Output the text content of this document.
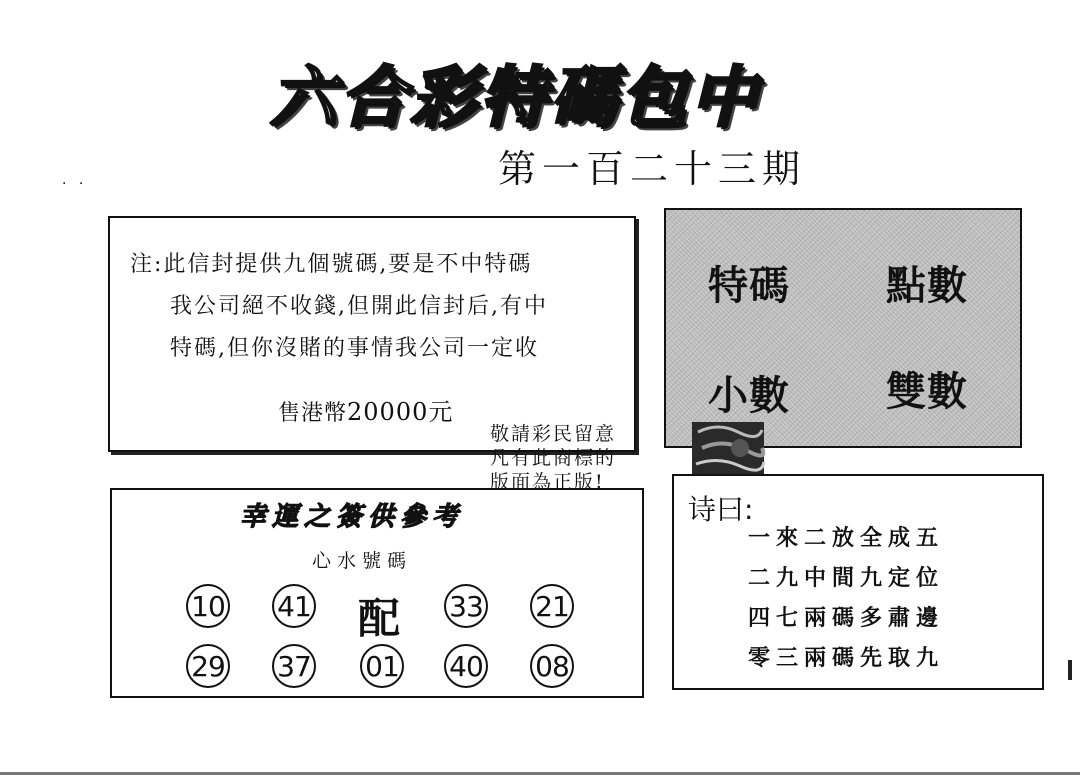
六合彩特碼包中
第一百二十三期
· ·
注:此信封提供九個號碼,要是不中特碼
我公司絕不收錢,但開此信封后,有中
特碼,但你沒賭的事情我公司一定收
售港幣20000元
特碼 點數
小數 雙數
敬請彩民留意
凡有此商標的
版面為正版!
幸運之簽供參考
心水號碼
10 41 配 33 21
29 37 01 40 08
诗曰:
一來二放全成五
二九中間九定位
四七兩碼多肅邊
零三兩碼先取九
